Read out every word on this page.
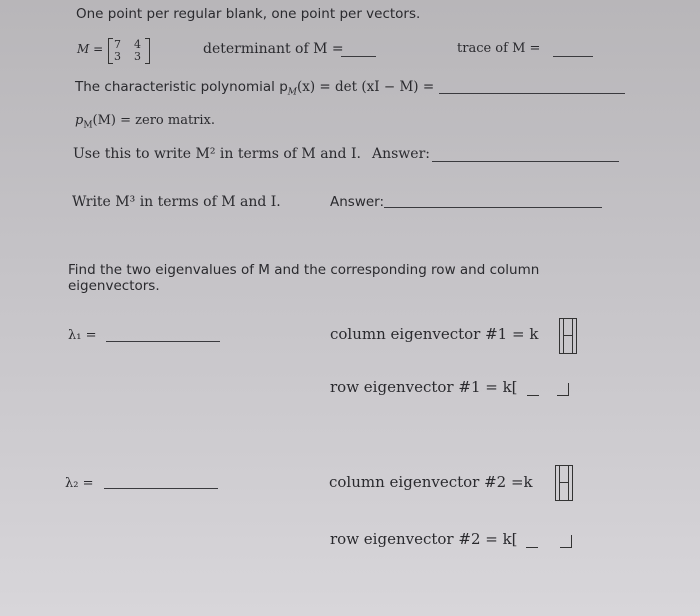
One point per regular blank, one point per vectors.
M = 7 4
3 3	determinant of M =	trace of M =
The characteristic polynomial $p_M(x) = \det (xI - M)$ =
$p_M(M)$ = zero matrix.
Use this to write M² in terms of M and I. Answer:
Write M³ in terms of M and I.	Answer:
Find the two eigenvalues of M and the corresponding row and column
eigenvectors.
λ₁ =	column eigenvector #1 = k
row eigenvector #1 = k[
λ₂ =	column eigenvector #2 =k
row eigenvector #2 = k[
